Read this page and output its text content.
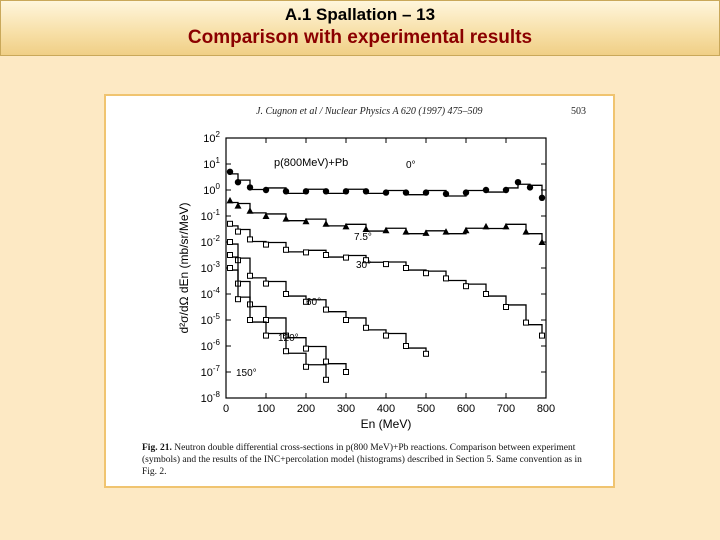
A.1 Spallation – 13
Comparison with experimental results
J. Cugnon et al / Nuclear Physics A 620 (1997) 475–509	503
0	100 200 300 400 500 600 700 800
$10^2$
$10^1$
$10^0$
$10^{-1}$
$10^{-2}$
$10^{-3}$
$10^{-4}$
$10^{-5}$
$10^{-6}$
$10^{-7}$
$10^{-8}$
En (MeV)
d²σ/dΩ dEn (mb/sr/MeV)
p(800MeV)+Pb	0°
7.5°
30°
60°
120°
150°
Fig. 21. Neutron double differential cross-sections in p(800 MeV)+Pb reactions. Comparison between experiment (symbols) and the results of the INC+percolation model (histograms) described in Section 5. Same convention as in Fig. 2.
